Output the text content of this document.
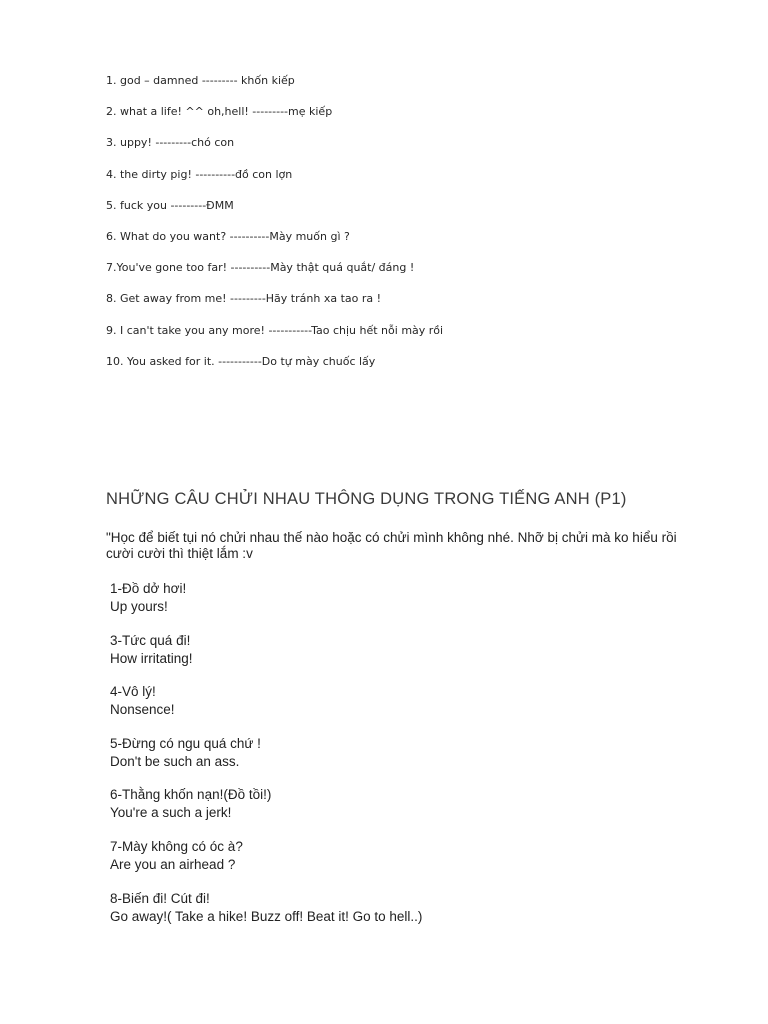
1. god – damned --------- khốn kiếp
2. what a life! ^^ oh,hell! ---------mẹ kiếp
3. uppy! ---------chó con
4. the dirty pig! ----------đồ con lợn
5. fuck you ---------ĐMM
6. What do you want? ----------Mày muốn gì ?
7.You've gone too far! ----------Mày thật quá quắt/ đáng !
8. Get away from me! ---------Hãy tránh xa tao ra !
9. I can't take you any more! -----------Tao chịu hết nỗi mày rồi
10. You asked for it. -----------Do tự mày chuốc lấy
NHỮNG CÂU CHỬI NHAU THÔNG DỤNG TRONG TIẾNG ANH (P1)

"Học để biết tụi nó chửi nhau thế nào hoặc có chửi mình không nhé. Nhỡ bị chửi mà ko hiểu rồi cười cười thì thiệt lắm :v

1-Đồ dở hơi!
Up yours!
3-Tức quá đi!
How irritating!
4-Vô lý!
Nonsence!
5-Đừng có ngu quá chứ !
Don't be such an ass.
6-Thằng khốn nạn!(Đồ tồi!)
You're a such a jerk!
7-Mày không có óc à?
Are you an airhead ?
8-Biến đi! Cút đi!
Go away!( Take a hike! Buzz off! Beat it! Go to hell..)
